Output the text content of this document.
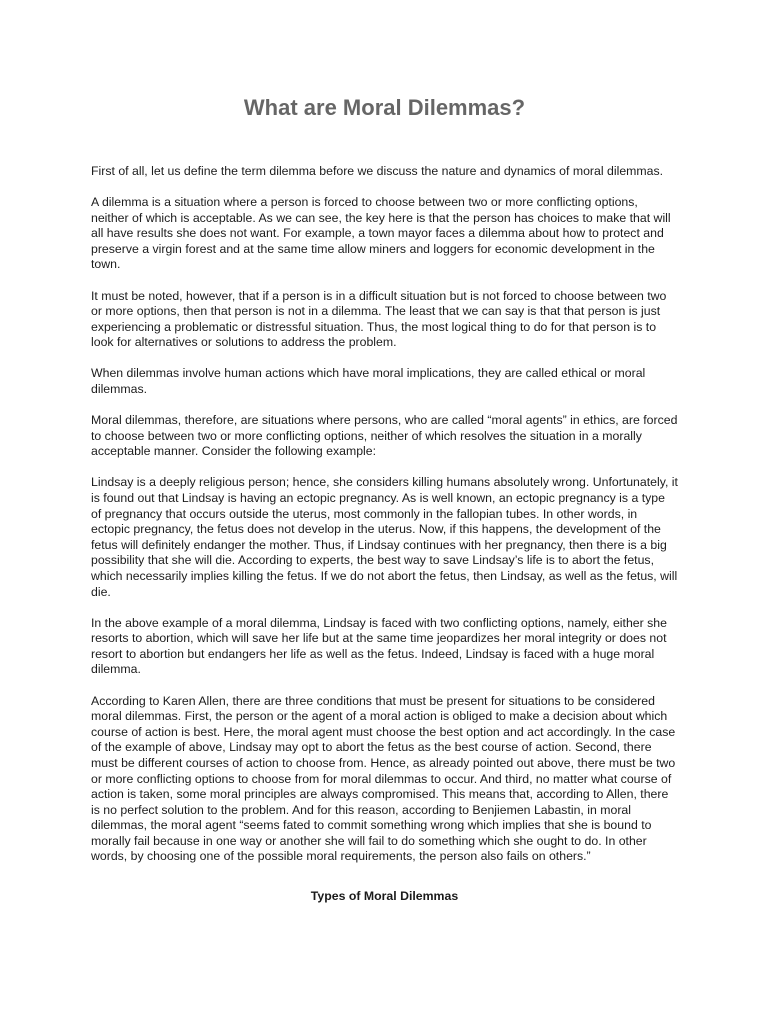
What are Moral Dilemmas?

First of all, let us define the term dilemma before we discuss the nature and dynamics of moral dilemmas.

A dilemma is a situation where a person is forced to choose between two or more conflicting options, neither of which is acceptable. As we can see, the key here is that the person has choices to make that will all have results she does not want. For example, a town mayor faces a dilemma about how to protect and preserve a virgin forest and at the same time allow miners and loggers for economic development in the town.

It must be noted, however, that if a person is in a difficult situation but is not forced to choose between two or more options, then that person is not in a dilemma. The least that we can say is that that person is just experiencing a problematic or distressful situation. Thus, the most logical thing to do for that person is to look for alternatives or solutions to address the problem.

When dilemmas involve human actions which have moral implications, they are called ethical or moral dilemmas.

Moral dilemmas, therefore, are situations where persons, who are called “moral agents” in ethics, are forced to choose between two or more conflicting options, neither of which resolves the situation in a morally acceptable manner. Consider the following example:

Lindsay is a deeply religious person; hence, she considers killing humans absolutely wrong. Unfortunately, it is found out that Lindsay is having an ectopic pregnancy. As is well known, an ectopic pregnancy is a type of pregnancy that occurs outside the uterus, most commonly in the fallopian tubes. In other words, in ectopic pregnancy, the fetus does not develop in the uterus. Now, if this happens, the development of the fetus will definitely endanger the mother. Thus, if Lindsay continues with her pregnancy, then there is a big possibility that she will die. According to experts, the best way to save Lindsay’s life is to abort the fetus, which necessarily implies killing the fetus. If we do not abort the fetus, then Lindsay, as well as the fetus, will die.

In the above example of a moral dilemma, Lindsay is faced with two conflicting options, namely, either she resorts to abortion, which will save her life but at the same time jeopardizes her moral integrity or does not resort to abortion but endangers her life as well as the fetus. Indeed, Lindsay is faced with a huge moral dilemma.

According to Karen Allen, there are three conditions that must be present for situations to be considered moral dilemmas. First, the person or the agent of a moral action is obliged to make a decision about which course of action is best. Here, the moral agent must choose the best option and act accordingly. In the case of the example of above, Lindsay may opt to abort the fetus as the best course of action. Second, there must be different courses of action to choose from. Hence, as already pointed out above, there must be two or more conflicting options to choose from for moral dilemmas to occur. And third, no matter what course of action is taken, some moral principles are always compromised. This means that, according to Allen, there is no perfect solution to the problem. And for this reason, according to Benjiemen Labastin, in moral dilemmas, the moral agent “seems fated to commit something wrong which implies that she is bound to morally fail because in one way or another she will fail to do something which she ought to do. In other words, by choosing one of the possible moral requirements, the person also fails on others.”

Types of Moral Dilemmas
